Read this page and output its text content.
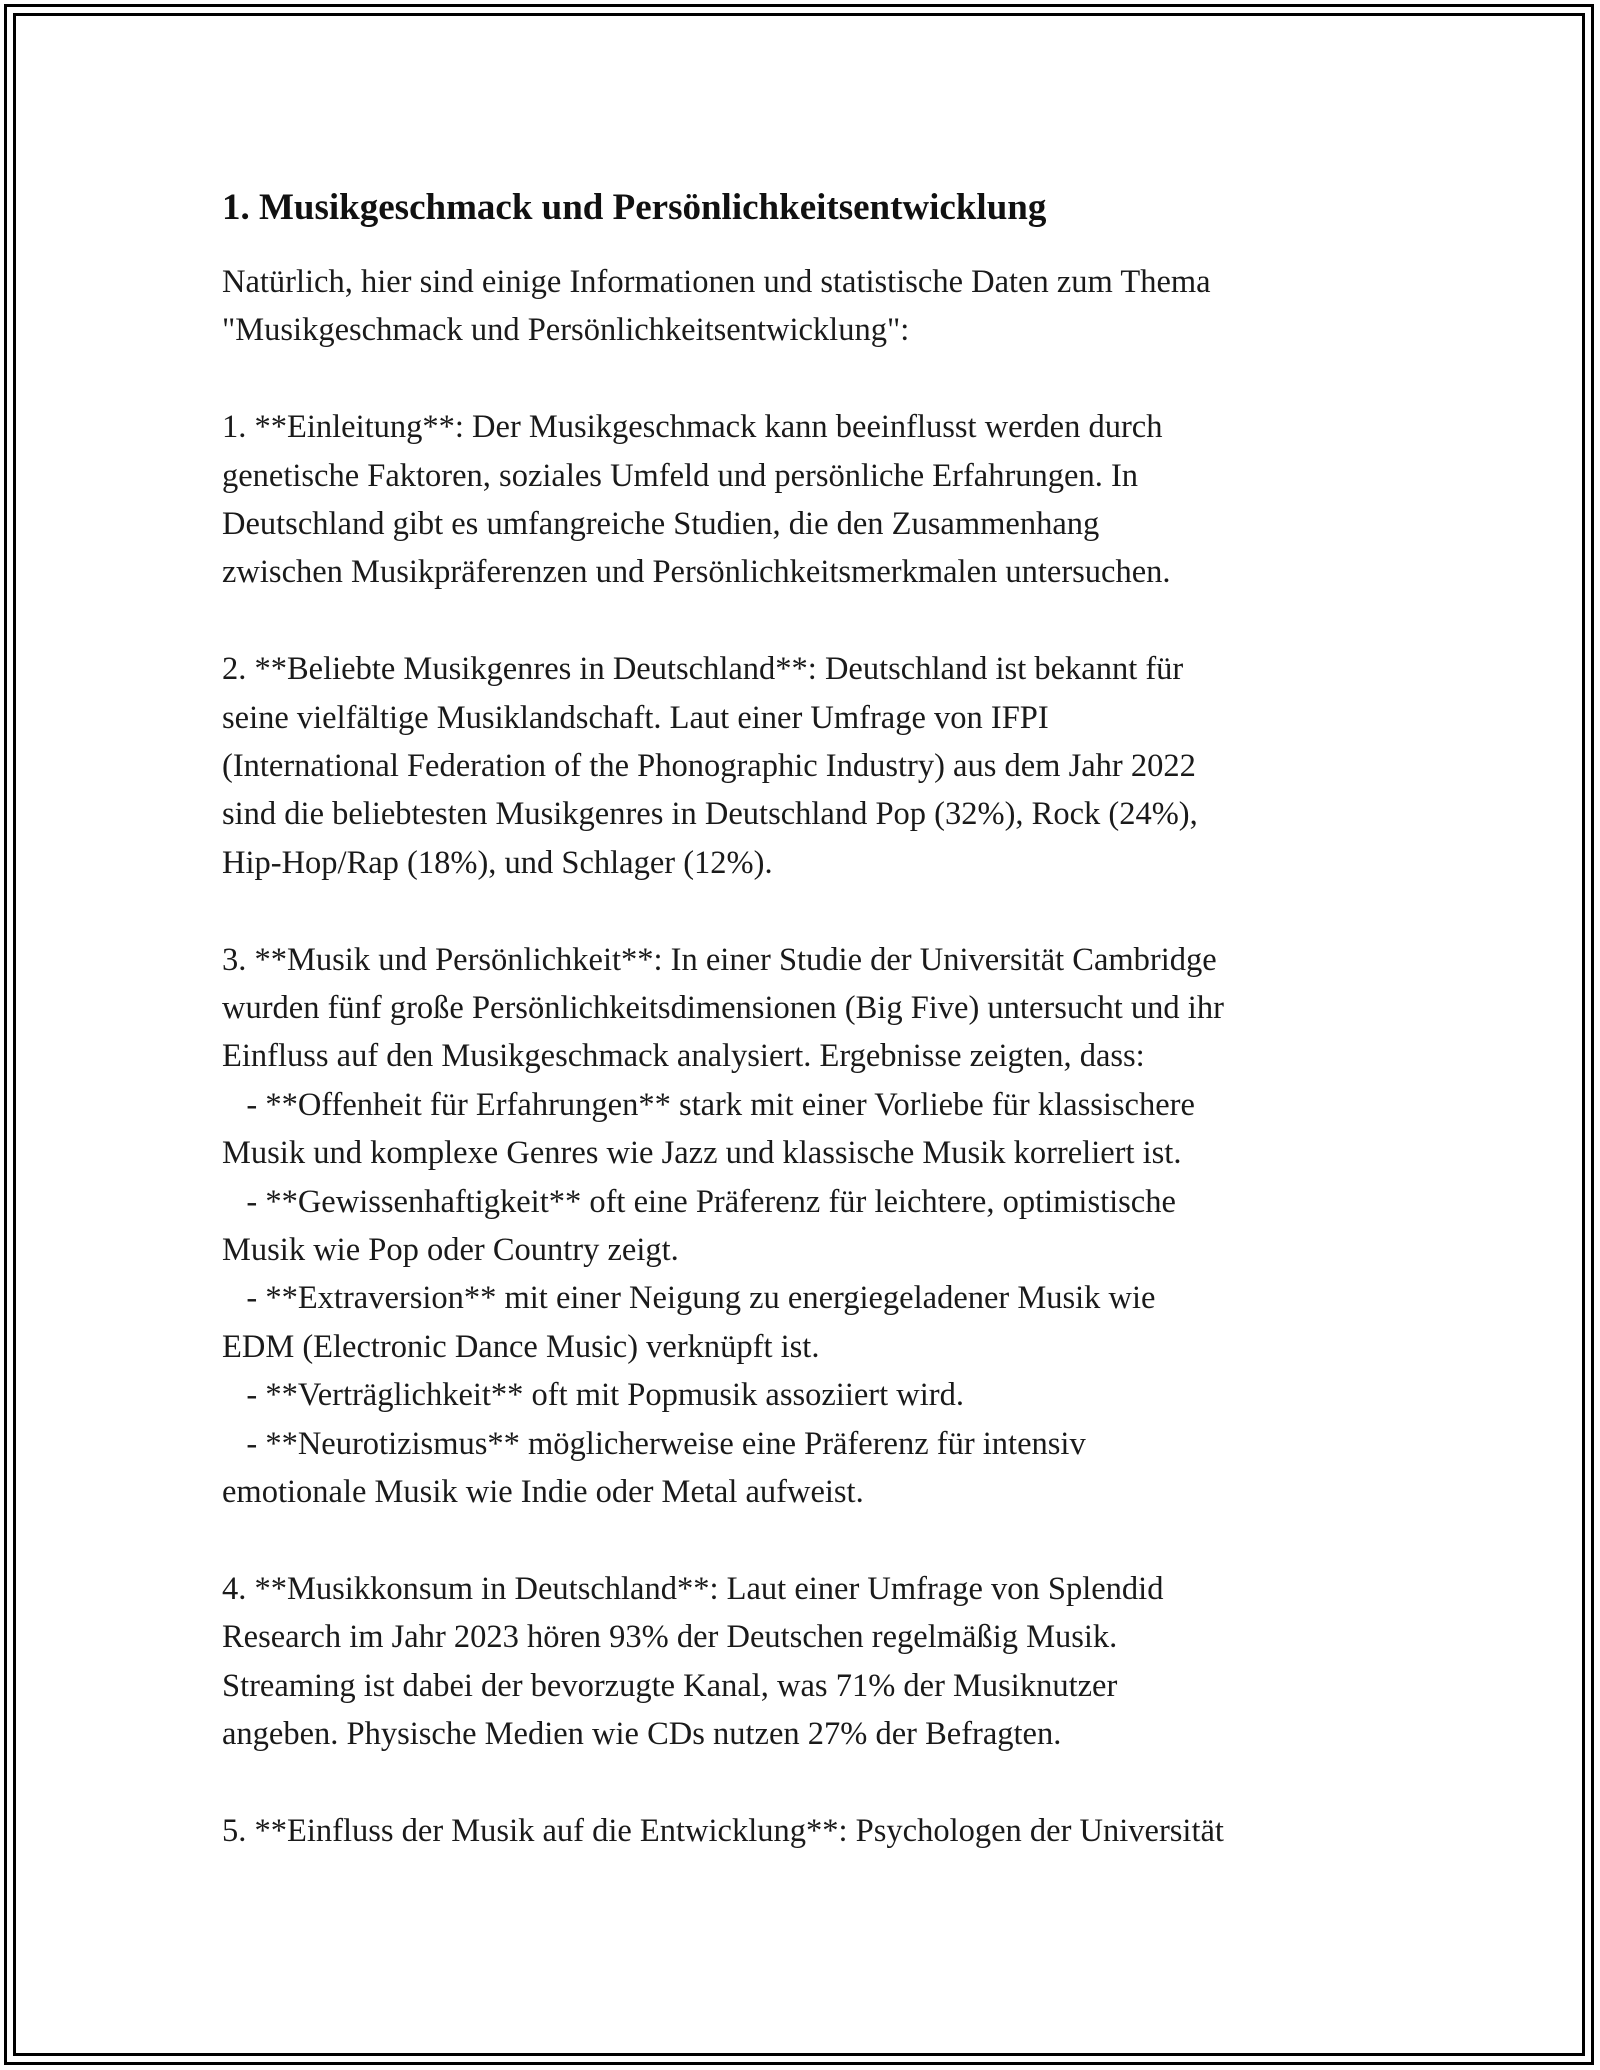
1. Musikgeschmack und Persönlichkeitsentwicklung
Natürlich, hier sind einige Informationen und statistische Daten zum Thema
"Musikgeschmack und Persönlichkeitsentwicklung":
1. **Einleitung**: Der Musikgeschmack kann beeinflusst werden durch
genetische Faktoren, soziales Umfeld und persönliche Erfahrungen. In
Deutschland gibt es umfangreiche Studien, die den Zusammenhang
zwischen Musikpräferenzen und Persönlichkeitsmerkmalen untersuchen.
2. **Beliebte Musikgenres in Deutschland**: Deutschland ist bekannt für
seine vielfältige Musiklandschaft. Laut einer Umfrage von IFPI
(International Federation of the Phonographic Industry) aus dem Jahr 2022
sind die beliebtesten Musikgenres in Deutschland Pop (32%), Rock (24%),
Hip-Hop/Rap (18%), und Schlager (12%).
3. **Musik und Persönlichkeit**: In einer Studie der Universität Cambridge
wurden fünf große Persönlichkeitsdimensionen (Big Five) untersucht und ihr
Einfluss auf den Musikgeschmack analysiert. Ergebnisse zeigten, dass:
- **Offenheit für Erfahrungen** stark mit einer Vorliebe für klassischere
Musik und komplexe Genres wie Jazz und klassische Musik korreliert ist.
- **Gewissenhaftigkeit** oft eine Präferenz für leichtere, optimistische
Musik wie Pop oder Country zeigt.
- **Extraversion** mit einer Neigung zu energiegeladener Musik wie
EDM (Electronic Dance Music) verknüpft ist.
- **Verträglichkeit** oft mit Popmusik assoziiert wird.
- **Neurotizismus** möglicherweise eine Präferenz für intensiv
emotionale Musik wie Indie oder Metal aufweist.
4. **Musikkonsum in Deutschland**: Laut einer Umfrage von Splendid
Research im Jahr 2023 hören 93% der Deutschen regelmäßig Musik.
Streaming ist dabei der bevorzugte Kanal, was 71% der Musiknutzer
angeben. Physische Medien wie CDs nutzen 27% der Befragten.
5. **Einfluss der Musik auf die Entwicklung**: Psychologen der Universität
